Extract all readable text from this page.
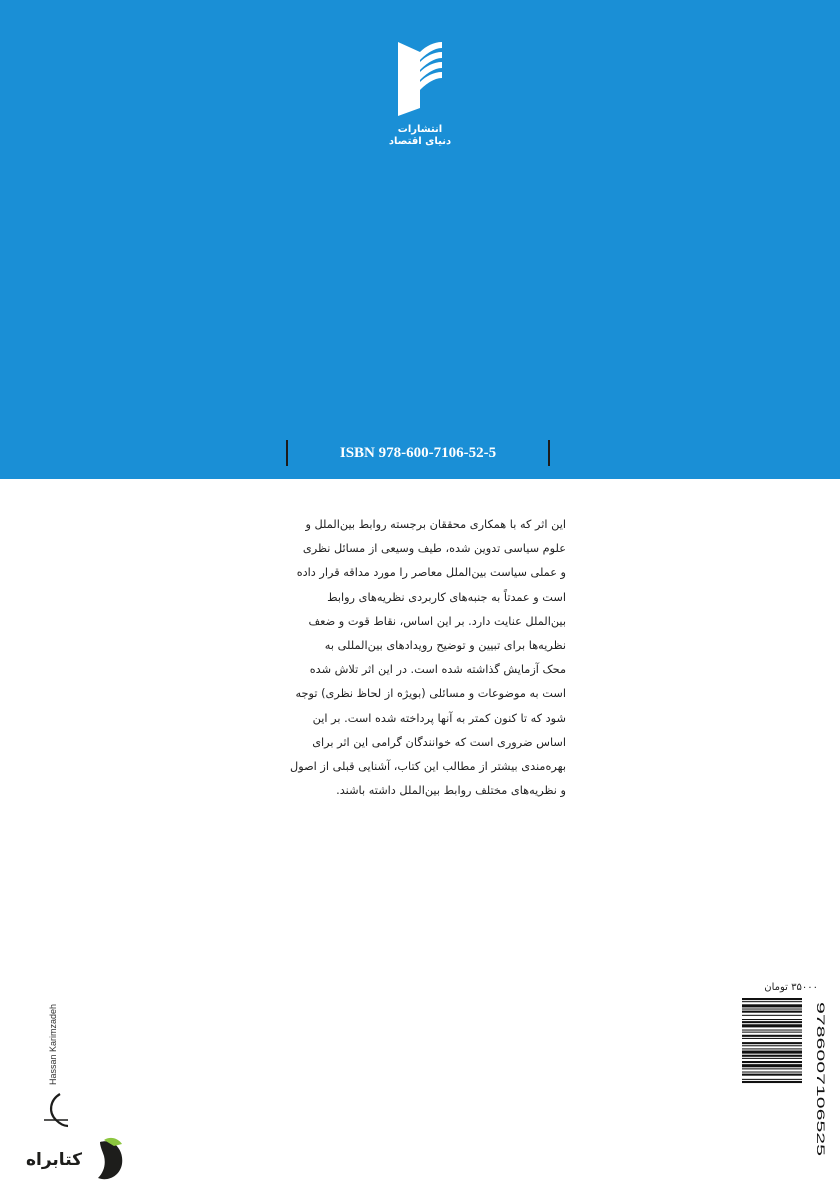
انتشارات
دنیای اقتصاد
ISBN 978-600-7106-52-5
این اثر که با همکاری محققان برجسته روابط بین‌الملل و
علوم سیاسی تدوین شده، طیف وسیعی از مسائل نظری
و عملی سیاست بین‌الملل معاصر را مورد مداقه قرار داده
است و عمدتاً به جنبه‌های کاربردی نظریه‌های روابط
بین‌الملل عنایت دارد. بر این اساس، نقاط قوت و ضعف
نظریه‌ها برای تبیین و توضیح رویدادهای بین‌المللی به
محک آزمایش گذاشته شده است. در این اثر تلاش شده
است به موضوعات و مسائلی (بویژه از لحاظ نظری) توجه
شود که تا کنون کمتر به آنها پرداخته شده است. بر این
اساس ضروری است که خوانندگان گرامی این اثر برای
بهره‌مندی بیشتر از مطالب این کتاب، آشنایی قبلی از اصول
و نظریه‌های مختلف روابط بین‌الملل داشته باشند.
۳۵۰۰۰ تومان
9786007106525
Hassan Karimzadeh
کتابراه
